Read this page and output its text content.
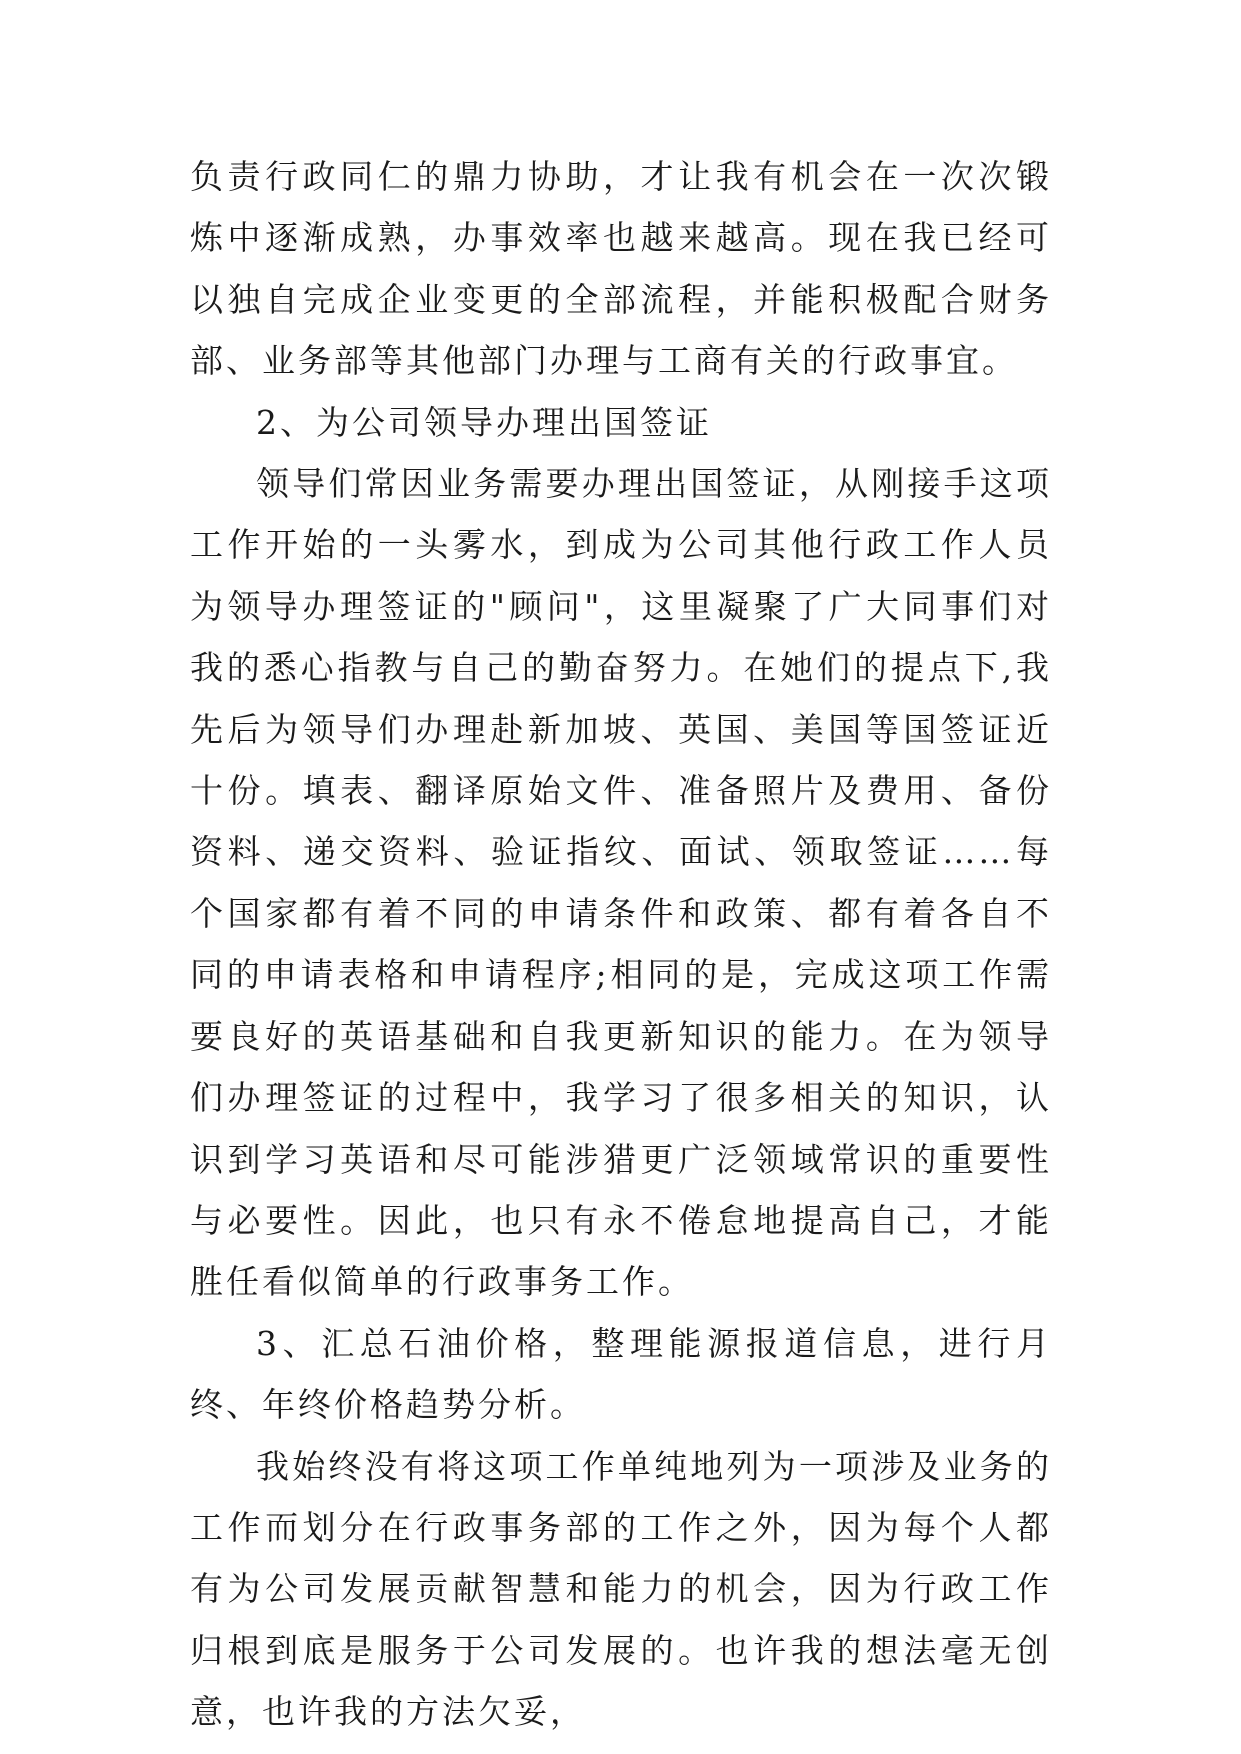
负责行政同仁的鼎力协助，才让我有机会在一次次锻炼中逐渐成熟，办事效率也越来越高。现在我已经可以独自完成企业变更的全部流程，并能积极配合财务部、业务部等其他部门办理与工商有关的行政事宜。

2、为公司领导办理出国签证

领导们常因业务需要办理出国签证，从刚接手这项工作开始的一头雾水，到成为公司其他行政工作人员为领导办理签证的"顾问"，这里凝聚了广大同事们对我的悉心指教与自己的勤奋努力。在她们的提点下,我先后为领导们办理赴新加坡、英国、美国等国签证近十份。填表、翻译原始文件、准备照片及费用、备份资料、递交资料、验证指纹、面试、领取签证……每个国家都有着不同的申请条件和政策、都有着各自不同的申请表格和申请程序;相同的是，完成这项工作需要良好的英语基础和自我更新知识的能力。在为领导们办理签证的过程中，我学习了很多相关的知识，认识到学习英语和尽可能涉猎更广泛领域常识的重要性与必要性。因此，也只有永不倦怠地提高自己，才能胜任看似简单的行政事务工作。

3、汇总石油价格，整理能源报道信息，进行月终、年终价格趋势分析。

我始终没有将这项工作单纯地列为一项涉及业务的工作而划分在行政事务部的工作之外，因为每个人都有为公司发展贡献智慧和能力的机会，因为行政工作归根到底是服务于公司发展的。也许我的想法毫无创意，也许我的方法欠妥，
